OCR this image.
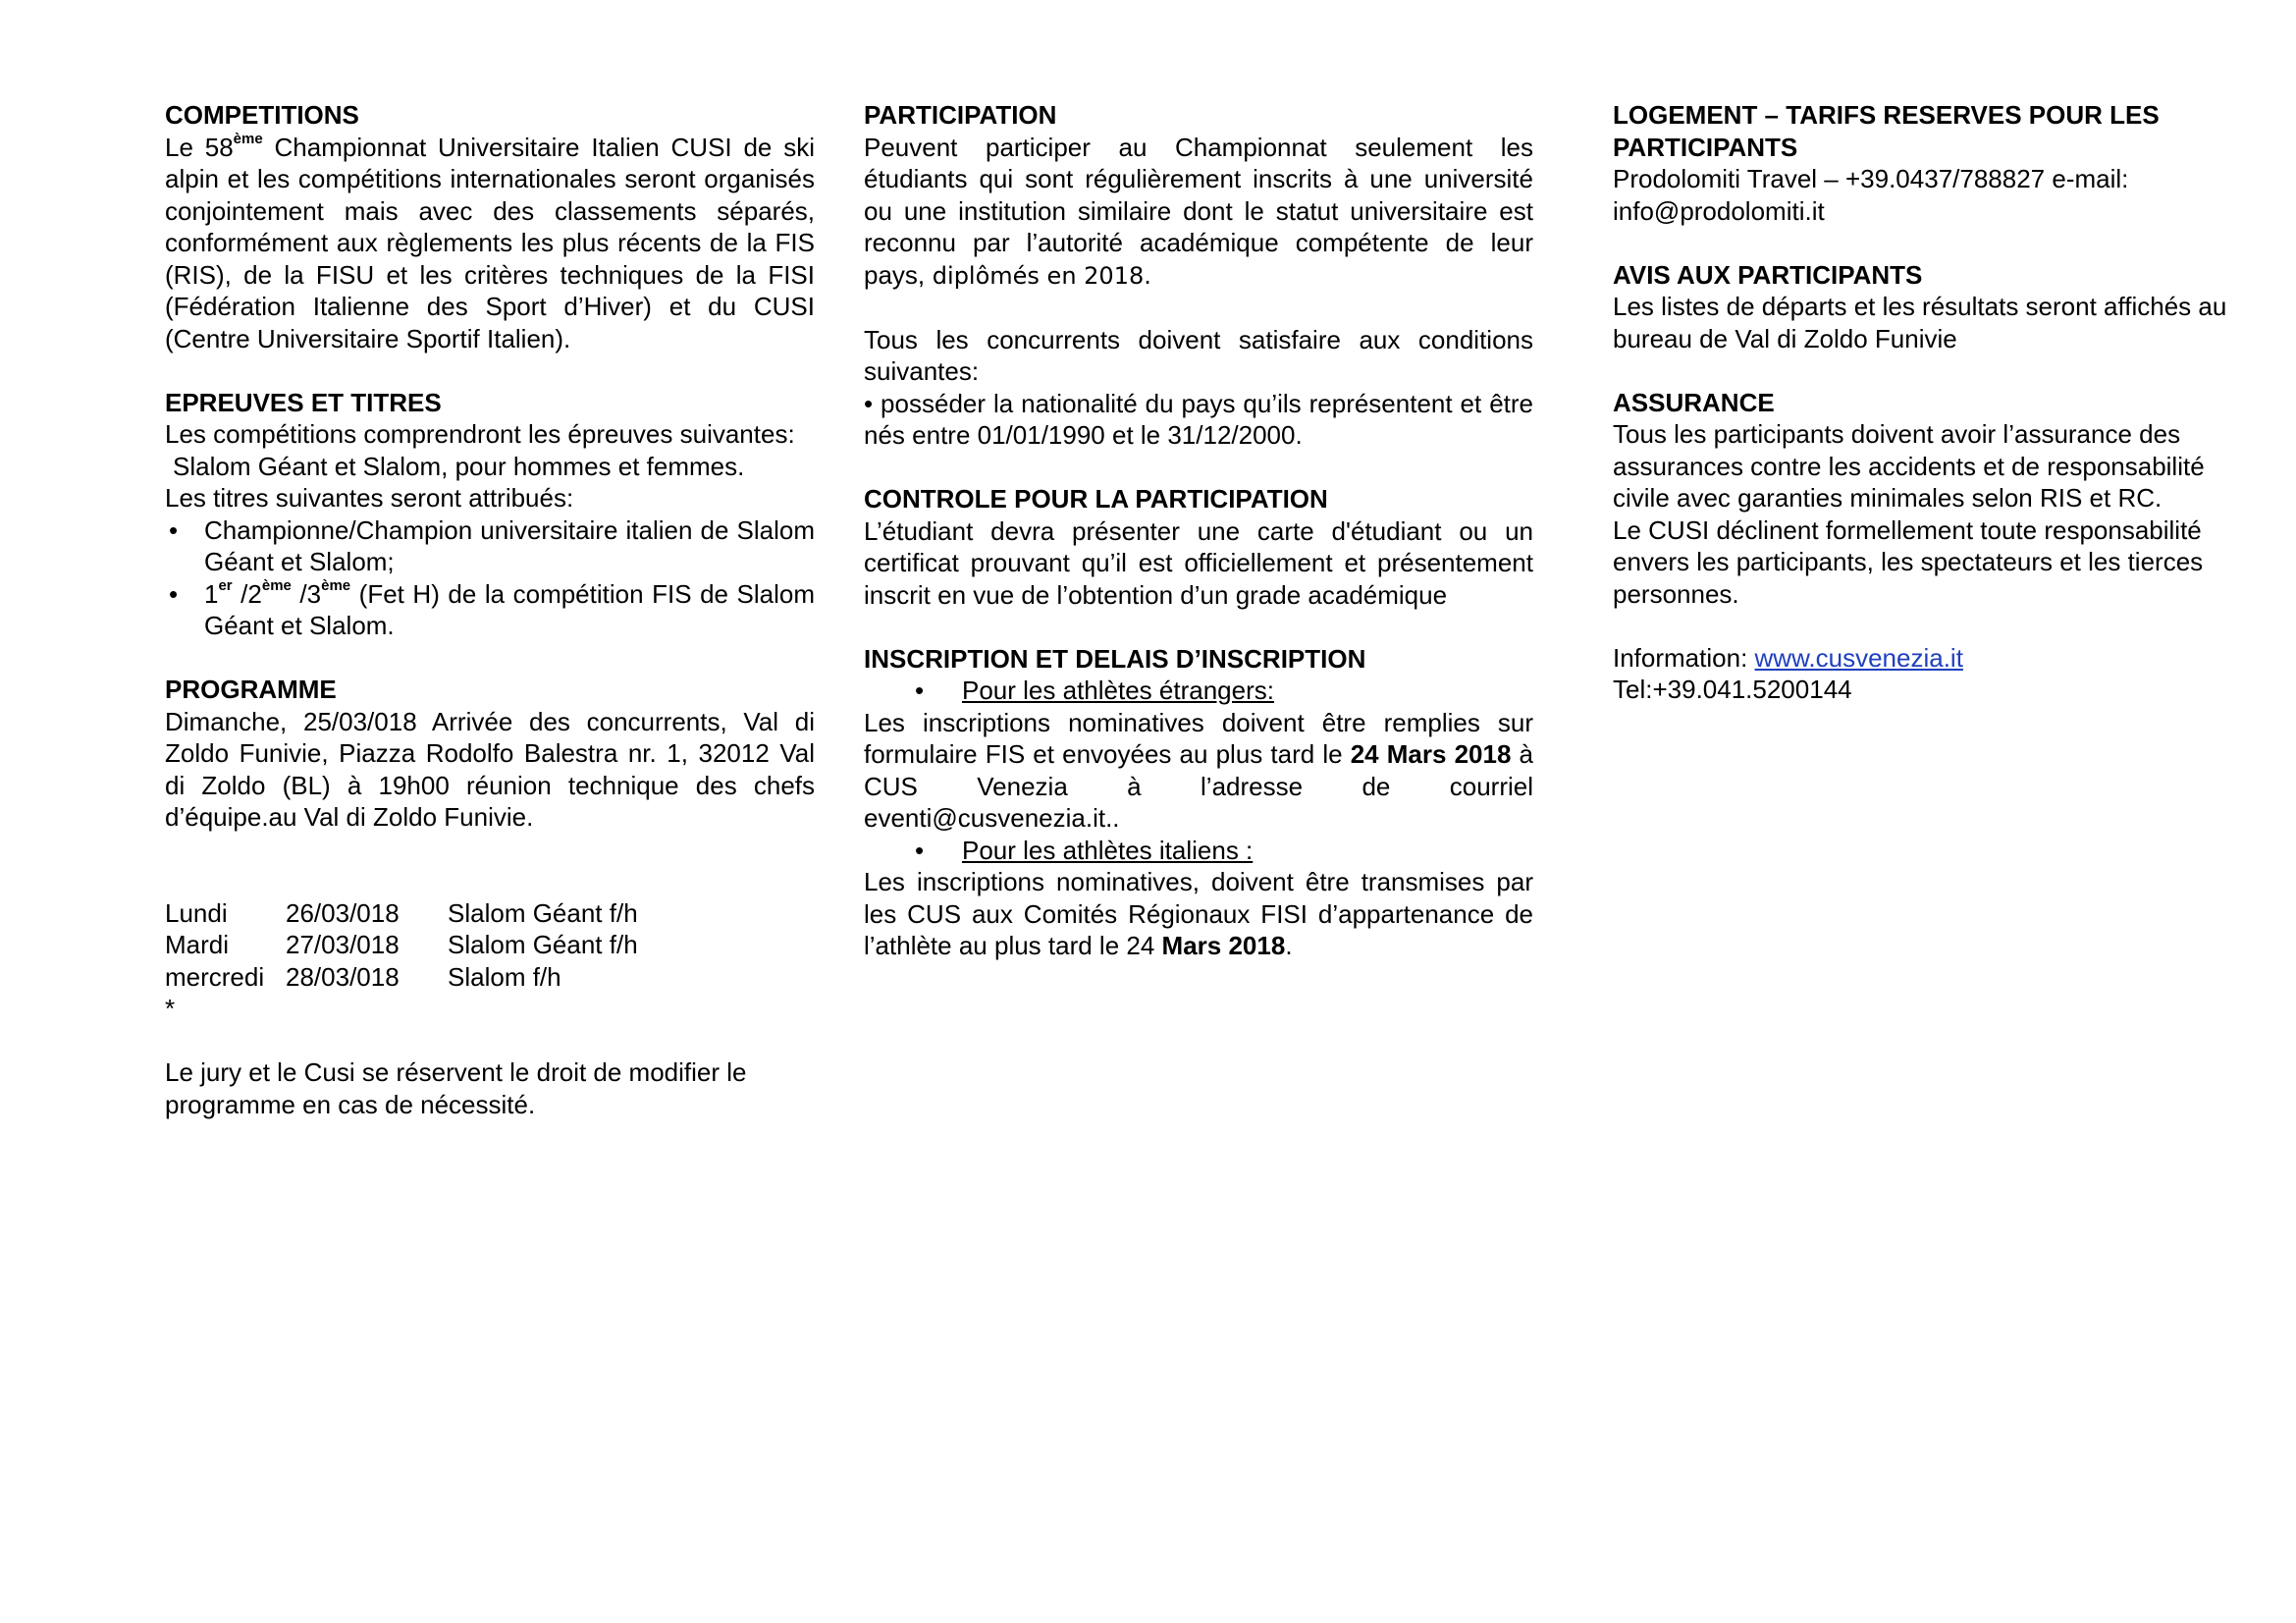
COMPETITIONS

Le 58ème Championnat Universitaire Italien CUSI de ski alpin et les compétitions internationales seront organisés conjointement mais avec des classements séparés, conformément aux règlements les plus récents de la FIS (RIS), de la FISU et les critères techniques de la FISI (Fédération Italienne des Sport d’Hiver) et du CUSI (Centre Universitaire Sportif Italien).

EPREUVES ET TITRES

Les compétitions comprendront les épreuves suivantes:

Slalom Géant et Slalom, pour hommes et femmes.

Les titres suivantes seront attribués:

• Championne/Champion universitaire italien de Slalom Géant et Slalom;
• 1er /2ème /3ème (Fet H) de la compétition FIS de Slalom Géant et Slalom.

PROGRAMME

Dimanche, 25/03/018 Arrivée des concurrents, Val di Zoldo Funivie, Piazza Rodolfo Balestra nr. 1, 32012 Val di Zoldo (BL) à 19h00 réunion technique des chefs d’équipe.au Val di Zoldo Funivie.

Lundi	26/03/018	Slalom Géant f/h
Mardi	27/03/018	Slalom Géant f/h
mercredi 28/03/018	Slalom f/h

*

Le jury et le Cusi se réservent le droit de modifier le programme en cas de nécessité.

PARTICIPATION

Peuvent participer au Championnat seulement les étudiants qui sont régulièrement inscrits à une université ou une institution similaire dont le statut universitaire est reconnu par l’autorité académique compétente de leur pays, diplômés en 2018.

Tous les concurrents doivent satisfaire aux conditions suivantes:

• posséder la nationalité du pays qu’ils représentent et être nés entre 01/01/1990 et le 31/12/2000.

CONTROLE POUR LA PARTICIPATION

L’étudiant devra présenter une carte d'étudiant ou un certificat prouvant qu’il est officiellement et présentement inscrit en vue de l’obtention d’un grade académique

INSCRIPTION ET DELAIS D’INSCRIPTION

• Pour les athlètes étrangers:

Les inscriptions nominatives doivent être remplies sur formulaire FIS et envoyées au plus tard le 24 Mars 2018 à CUS Venezia à l’adresse de courriel eventi@cusvenezia.it..

• Pour les athlètes italiens :

Les inscriptions nominatives, doivent être transmises par les CUS aux Comités Régionaux FISI d’appartenance de l’athlète au plus tard le 24 Mars 2018.

LOGEMENT – TARIFS RESERVES POUR LES PARTICIPANTS

Prodolomiti Travel – +39.0437/788827 e-mail: info@prodolomiti.it

AVIS AUX PARTICIPANTS

Les listes de départs et les résultats seront affichés au bureau de Val di Zoldo Funivie

ASSURANCE

Tous les participants doivent avoir l’assurance des assurances contre les accidents et de responsabilité civile avec garanties minimales selon RIS et RC.

Le CUSI déclinent formellement toute responsabilité envers les participants, les spectateurs et les tierces personnes.

Information: www.cusvenezia.it

Tel:+39.041.5200144
